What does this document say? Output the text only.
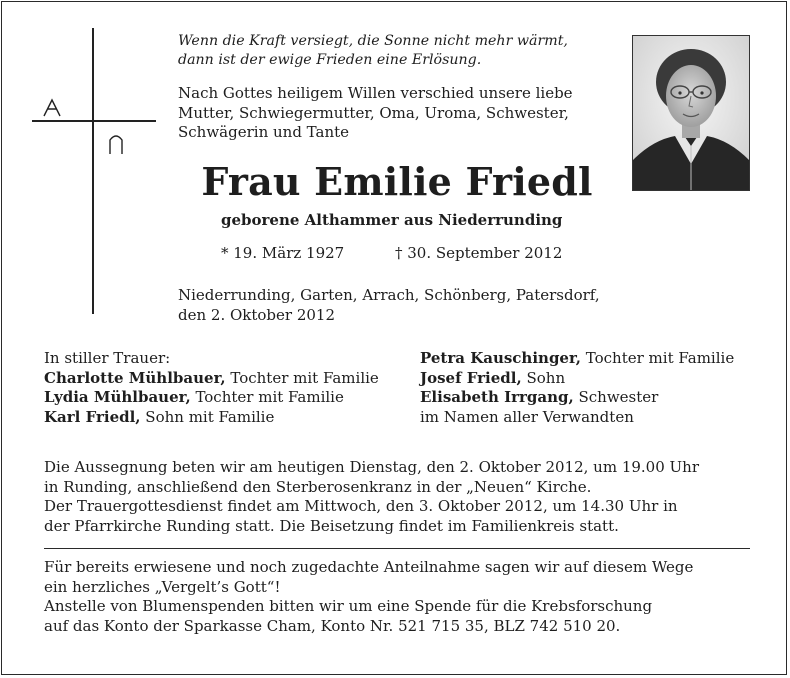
Wenn die Kraft versiegt, die Sonne nicht mehr wärmt,
dann ist der ewige Frieden eine Erlösung.
Nach Gottes heiligem Willen verschied unsere liebe
Mutter, Schwiegermutter, Oma, Uroma, Schwester,
Schwägerin und Tante
Frau Emilie Friedl
geborene Althammer aus Niederrunding
* 19. März 1927	† 30. September 2012
Niederrunding, Garten, Arrach, Schönberg, Patersdorf,
den 2. Oktober 2012
In stiller Trauer:
Charlotte Mühlbauer, Tochter mit Familie
Lydia Mühlbauer, Tochter mit Familie
Karl Friedl, Sohn mit Familie
Petra Kauschinger, Tochter mit Familie
Josef Friedl, Sohn
Elisabeth Irrgang, Schwester
im Namen aller Verwandten
Die Aussegnung beten wir am heutigen Dienstag, den 2. Oktober 2012, um 19.00 Uhr
in Runding, anschließend den Sterberosenkranz in der „Neuen“ Kirche.
Der Trauergottesdienst findet am Mittwoch, den 3. Oktober 2012, um 14.30 Uhr in
der Pfarrkirche Runding statt. Die Beisetzung findet im Familienkreis statt.
Für bereits erwiesene und noch zugedachte Anteilnahme sagen wir auf diesem Wege
ein herzliches „Vergelt’s Gott“!
Anstelle von Blumenspenden bitten wir um eine Spende für die Krebsforschung
auf das Konto der Sparkasse Cham, Konto Nr. 521 715 35, BLZ 742 510 20.
